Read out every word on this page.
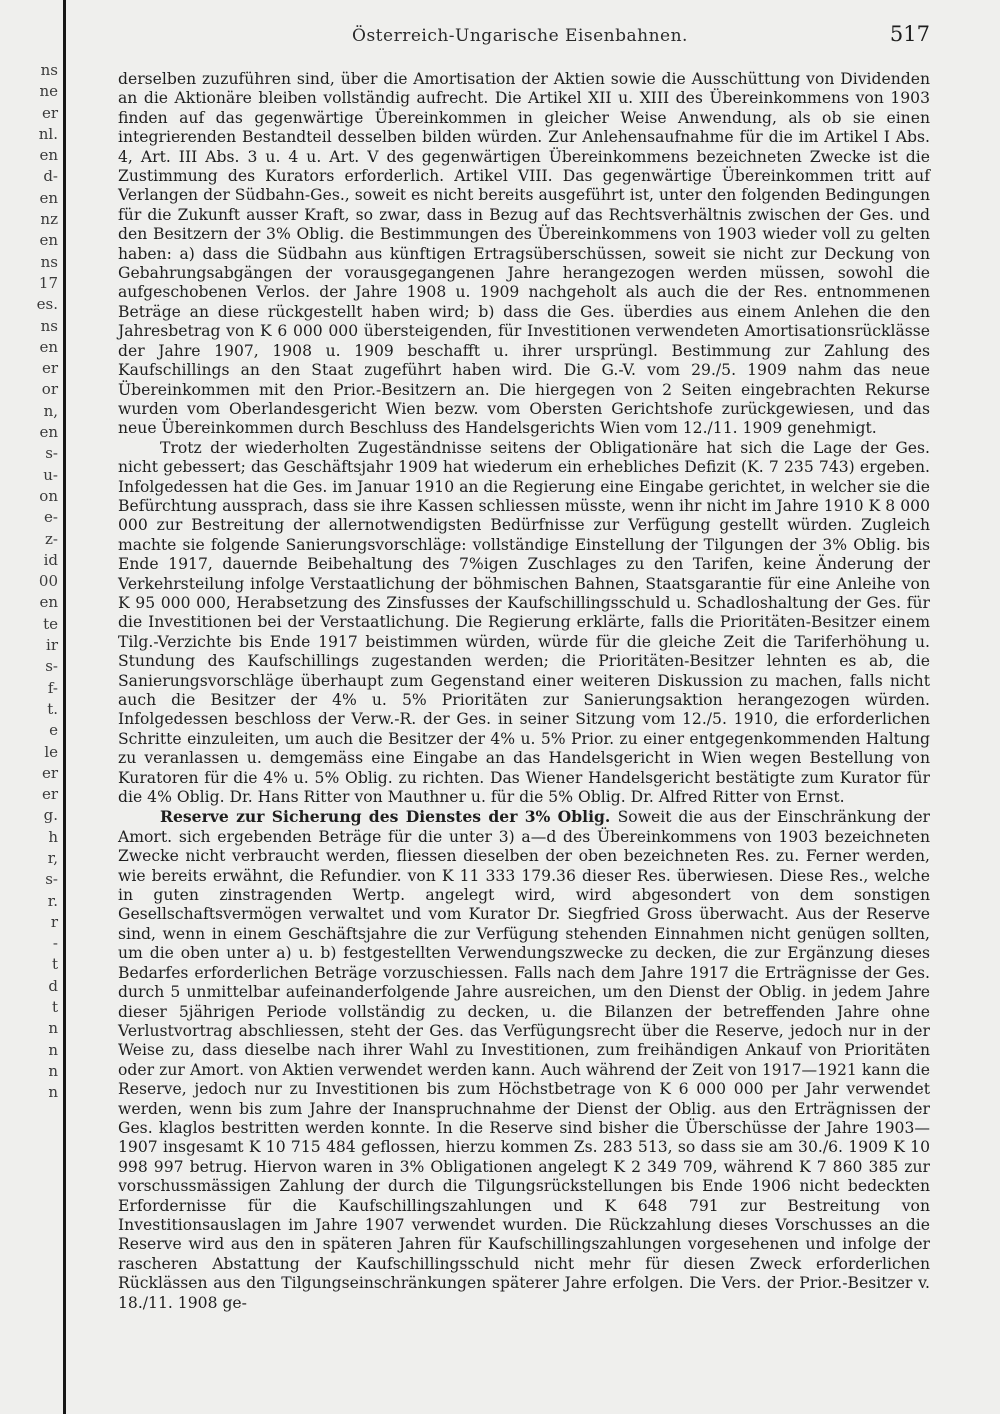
ns
ne
er
nl.
en
d-
en
nz
en
ns
17
es.
ns
en
er
or
n,
en
s-
u-
on
e-
z-
id
00
en
te
ir
s-
f-
t.
e
le
er
er
g.
h
r,
s-
r.
r
-
t
d
t
n
n
n
n
Österreich-Ungarische Eisenbahnen.	517

derselben zuzuführen sind, über die Amortisation der Aktien sowie die Ausschüttung von Dividenden an die Aktionäre bleiben vollständig aufrecht. Die Artikel XII u. XIII des Übereinkommens von 1903 finden auf das gegenwärtige Übereinkommen in gleicher Weise Anwendung, als ob sie einen integrierenden Bestandteil desselben bilden würden. Zur Anlehensaufnahme für die im Artikel I Abs. 4, Art. III Abs. 3 u. 4 u. Art. V des gegenwärtigen Übereinkommens bezeichneten Zwecke ist die Zustimmung des Kurators erforderlich. Artikel VIII. Das gegenwärtige Übereinkommen tritt auf Verlangen der Südbahn-Ges., soweit es nicht bereits ausgeführt ist, unter den folgenden Bedingungen für die Zukunft ausser Kraft, so zwar, dass in Bezug auf das Rechtsverhältnis zwischen der Ges. und den Besitzern der 3% Oblig. die Bestimmungen des Übereinkommens von 1903 wieder voll zu gelten haben: a) dass die Südbahn aus künftigen Ertragsüberschüssen, soweit sie nicht zur Deckung von Gebahrungsabgängen der vorausgegangenen Jahre herangezogen werden müssen, sowohl die aufgeschobenen Verlos. der Jahre 1908 u. 1909 nachgeholt als auch die der Res. entnommenen Beträge an diese rückgestellt haben wird; b) dass die Ges. überdies aus einem Anlehen die den Jahresbetrag von K 6 000 000 übersteigenden, für Investitionen verwendeten Amortisationsrücklässe der Jahre 1907, 1908 u. 1909 beschafft u. ihrer ursprüngl. Bestimmung zur Zahlung des Kaufschillings an den Staat zugeführt haben wird. Die G.-V. vom 29./5. 1909 nahm das neue Übereinkommen mit den Prior.-Besitzern an. Die hiergegen von 2 Seiten eingebrachten Rekurse wurden vom Oberlandesgericht Wien bezw. vom Obersten Gerichtshofe zurückgewiesen, und das neue Übereinkommen durch Beschluss des Handelsgerichts Wien vom 12./11. 1909 genehmigt.

Trotz der wiederholten Zugeständnisse seitens der Obligationäre hat sich die Lage der Ges. nicht gebessert; das Geschäftsjahr 1909 hat wiederum ein erhebliches Defizit (K. 7 235 743) ergeben. Infolgedessen hat die Ges. im Januar 1910 an die Regierung eine Eingabe gerichtet, in welcher sie die Befürchtung aussprach, dass sie ihre Kassen schliessen müsste, wenn ihr nicht im Jahre 1910 K 8 000 000 zur Bestreitung der allernotwendigsten Bedürfnisse zur Verfügung gestellt würden. Zugleich machte sie folgende Sanierungsvorschläge: vollständige Einstellung der Tilgungen der 3% Oblig. bis Ende 1917, dauernde Beibehaltung des 7%igen Zuschlages zu den Tarifen, keine Änderung der Verkehrsteilung infolge Verstaatlichung der böhmischen Bahnen, Staatsgarantie für eine Anleihe von K 95 000 000, Herabsetzung des Zinsfusses der Kaufschillingsschuld u. Schadloshaltung der Ges. für die Investitionen bei der Verstaatlichung. Die Regierung erklärte, falls die Prioritäten-Besitzer einem Tilg.-Verzichte bis Ende 1917 beistimmen würden, würde für die gleiche Zeit die Tariferhöhung u. Stundung des Kaufschillings zugestanden werden; die Prioritäten-Besitzer lehnten es ab, die Sanierungsvorschläge überhaupt zum Gegenstand einer weiteren Diskussion zu machen, falls nicht auch die Besitzer der 4% u. 5% Prioritäten zur Sanierungsaktion herangezogen würden. Infolgedessen beschloss der Verw.-R. der Ges. in seiner Sitzung vom 12./5. 1910, die erforderlichen Schritte einzuleiten, um auch die Besitzer der 4% u. 5% Prior. zu einer entgegenkommenden Haltung zu veranlassen u. demgemäss eine Eingabe an das Handelsgericht in Wien wegen Bestellung von Kuratoren für die 4% u. 5% Oblig. zu richten. Das Wiener Handelsgericht bestätigte zum Kurator für die 4% Oblig. Dr. Hans Ritter von Mauthner u. für die 5% Oblig. Dr. Alfred Ritter von Ernst.

Reserve zur Sicherung des Dienstes der 3% Oblig. Soweit die aus der Einschränkung der Amort. sich ergebenden Beträge für die unter 3) a—d des Übereinkommens von 1903 bezeichneten Zwecke nicht verbraucht werden, fliessen dieselben der oben bezeichneten Res. zu. Ferner werden, wie bereits erwähnt, die Refundier. von K 11 333 179.36 dieser Res. überwiesen. Diese Res., welche in guten zinstragenden Wertp. angelegt wird, wird abgesondert von dem sonstigen Gesellschaftsvermögen verwaltet und vom Kurator Dr. Siegfried Gross überwacht. Aus der Reserve sind, wenn in einem Geschäftsjahre die zur Verfügung stehenden Einnahmen nicht genügen sollten, um die oben unter a) u. b) festgestellten Verwendungszwecke zu decken, die zur Ergänzung dieses Bedarfes erforderlichen Beträge vorzuschiessen. Falls nach dem Jahre 1917 die Erträgnisse der Ges. durch 5 unmittelbar aufeinanderfolgende Jahre ausreichen, um den Dienst der Oblig. in jedem Jahre dieser 5jährigen Periode vollständig zu decken, u. die Bilanzen der betreffenden Jahre ohne Verlustvortrag abschliessen, steht der Ges. das Verfügungsrecht über die Reserve, jedoch nur in der Weise zu, dass dieselbe nach ihrer Wahl zu Investitionen, zum freihändigen Ankauf von Prioritäten oder zur Amort. von Aktien verwendet werden kann. Auch während der Zeit von 1917—1921 kann die Reserve, jedoch nur zu Investitionen bis zum Höchstbetrage von K 6 000 000 per Jahr verwendet werden, wenn bis zum Jahre der Inanspruchnahme der Dienst der Oblig. aus den Erträgnissen der Ges. klaglos bestritten werden konnte. In die Reserve sind bisher die Überschüsse der Jahre 1903—1907 insgesamt K 10 715 484 geflossen, hierzu kommen Zs. 283 513, so dass sie am 30./6. 1909 K 10 998 997 betrug. Hiervon waren in 3% Obligationen angelegt K 2 349 709, während K 7 860 385 zur vorschussmässigen Zahlung der durch die Tilgungsrückstellungen bis Ende 1906 nicht bedeckten Erfordernisse für die Kaufschillingszahlungen und K 648 791 zur Bestreitung von Investitionsauslagen im Jahre 1907 verwendet wurden. Die Rückzahlung dieses Vorschusses an die Reserve wird aus den in späteren Jahren für Kaufschillingszahlungen vorgesehenen und infolge der rascheren Abstattung der Kaufschillingsschuld nicht mehr für diesen Zweck erforderlichen Rücklässen aus den Tilgungseinschränkungen späterer Jahre erfolgen. Die Vers. der Prior.-Besitzer v. 18./11. 1908 ge-
